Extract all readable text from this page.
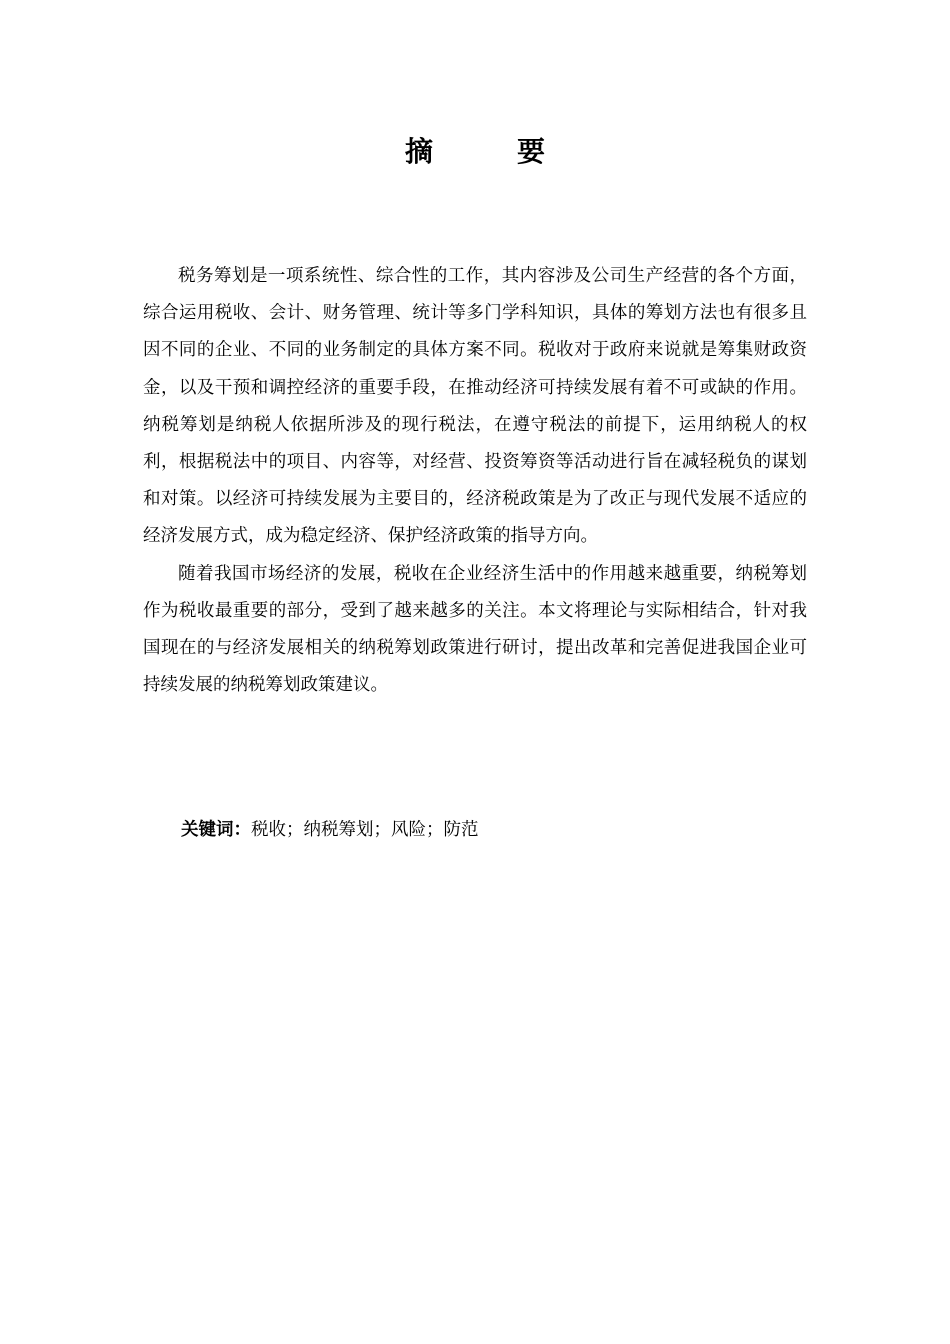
摘	要

税务筹划是一项系统性、综合性的工作，其内容涉及公司生产经营的各个方面，综合运用税收、会计、财务管理、统计等多门学科知识，具体的筹划方法也有很多且因不同的企业、不同的业务制定的具体方案不同。税收对于政府来说就是筹集财政资金，以及干预和调控经济的重要手段，在推动经济可持续发展有着不可或缺的作用。纳税筹划是纳税人依据所涉及的现行税法，在遵守税法的前提下，运用纳税人的权利，根据税法中的项目、内容等，对经营、投资筹资等活动进行旨在减轻税负的谋划和对策。以经济可持续发展为主要目的，经济税政策是为了改正与现代发展不适应的经济发展方式，成为稳定经济、保护经济政策的指导方向。

随着我国市场经济的发展，税收在企业经济生活中的作用越来越重要，纳税筹划作为税收最重要的部分，受到了越来越多的关注。本文将理论与实际相结合，针对我国现在的与经济发展相关的纳税筹划政策进行研讨，提出改革和完善促进我国企业可持续发展的纳税筹划政策建议。

关键词：税收；纳税筹划；风险；防范
